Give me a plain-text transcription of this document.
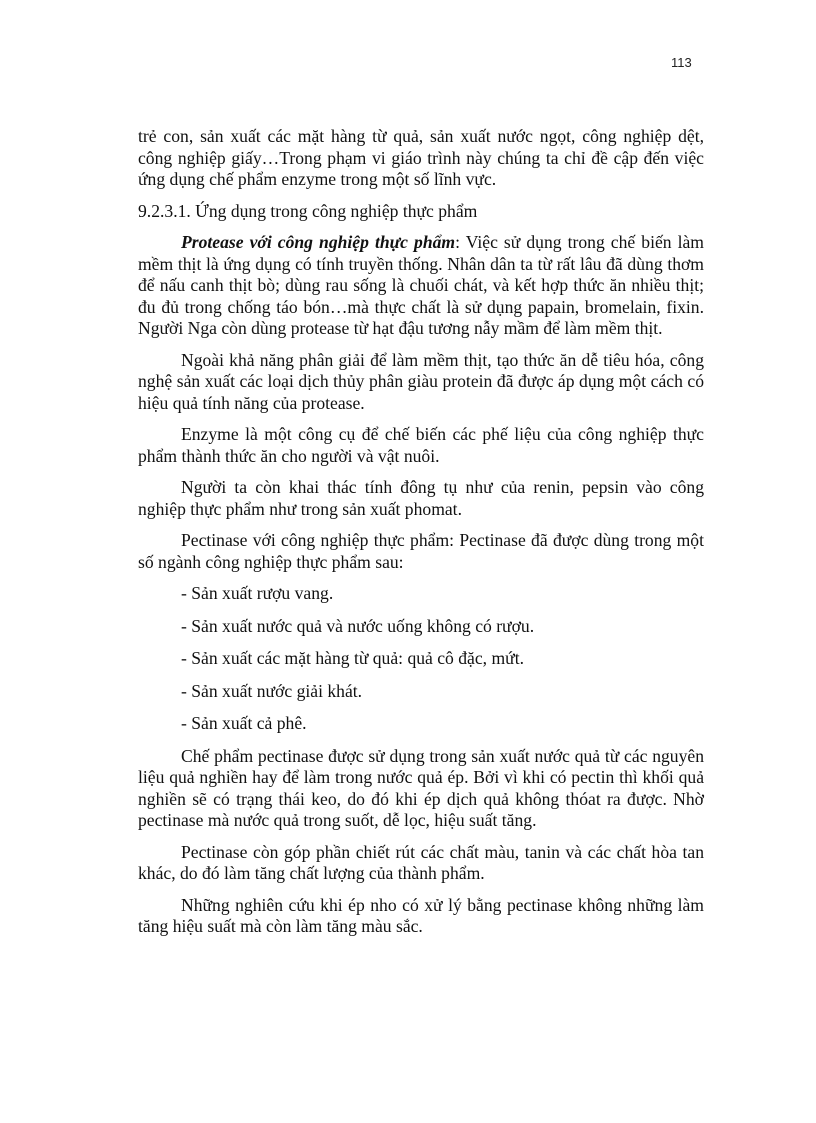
113

trẻ con, sản xuất các mặt hàng từ quả, sản xuất nước ngọt, công nghiệp dệt, công nghiệp giấy…Trong phạm vi giáo trình này chúng ta chỉ đề cập đến việc ứng dụng chế phẩm enzyme trong một số lĩnh vực.

9.2.3.1. Ứng dụng trong công nghiệp thực phẩm

Protease với công nghiệp thực phẩm: Việc sử dụng trong chế biến làm mềm thịt là ứng dụng có tính truyền thống. Nhân dân ta từ rất lâu đã dùng thơm để nấu canh thịt bò; dùng rau sống là chuối chát, và kết hợp thức ăn nhiều thịt; đu đủ trong chống táo bón…mà thực chất là sử dụng papain, bromelain, fixin. Người Nga còn dùng protease từ hạt đậu tương nẫy mầm để làm mềm thịt.

Ngoài khả năng phân giải để làm mềm thịt, tạo thức ăn dễ tiêu hóa, công nghệ sản xuất các loại dịch thủy phân giàu protein đã được áp dụng một cách có hiệu quả tính năng của protease.

Enzyme là một công cụ để chế biến các phế liệu của công nghiệp thực phẩm thành thức ăn cho người và vật nuôi.

Người ta còn khai thác tính đông tụ như của renin, pepsin vào công nghiệp thực phẩm như trong sản xuất phomat.

Pectinase với công nghiệp thực phẩm: Pectinase đã được dùng trong một số ngành công nghiệp thực phẩm sau:

- Sản xuất rượu vang.

- Sản xuất nước quả và nước uống không có rượu.

- Sản xuất các mặt hàng từ quả: quả cô đặc, mứt.

- Sản xuất nước giải khát.

- Sản xuất cả phê.

Chế phẩm pectinase được sử dụng trong sản xuất nước quả từ các nguyên liệu quả nghiền hay để làm trong nước quả ép. Bởi vì khi có pectin thì khối quả nghiền sẽ có trạng thái keo, do đó khi ép dịch quả không thóat ra được. Nhờ pectinase mà nước quả trong suốt, dễ lọc, hiệu suất tăng.

Pectinase còn góp phần chiết rút các chất màu, tanin và các chất hòa tan khác, do đó làm tăng chất lượng của thành phẩm.

Những nghiên cứu khi ép nho có xử lý bằng pectinase không những làm tăng hiệu suất mà còn làm tăng màu sắc.
